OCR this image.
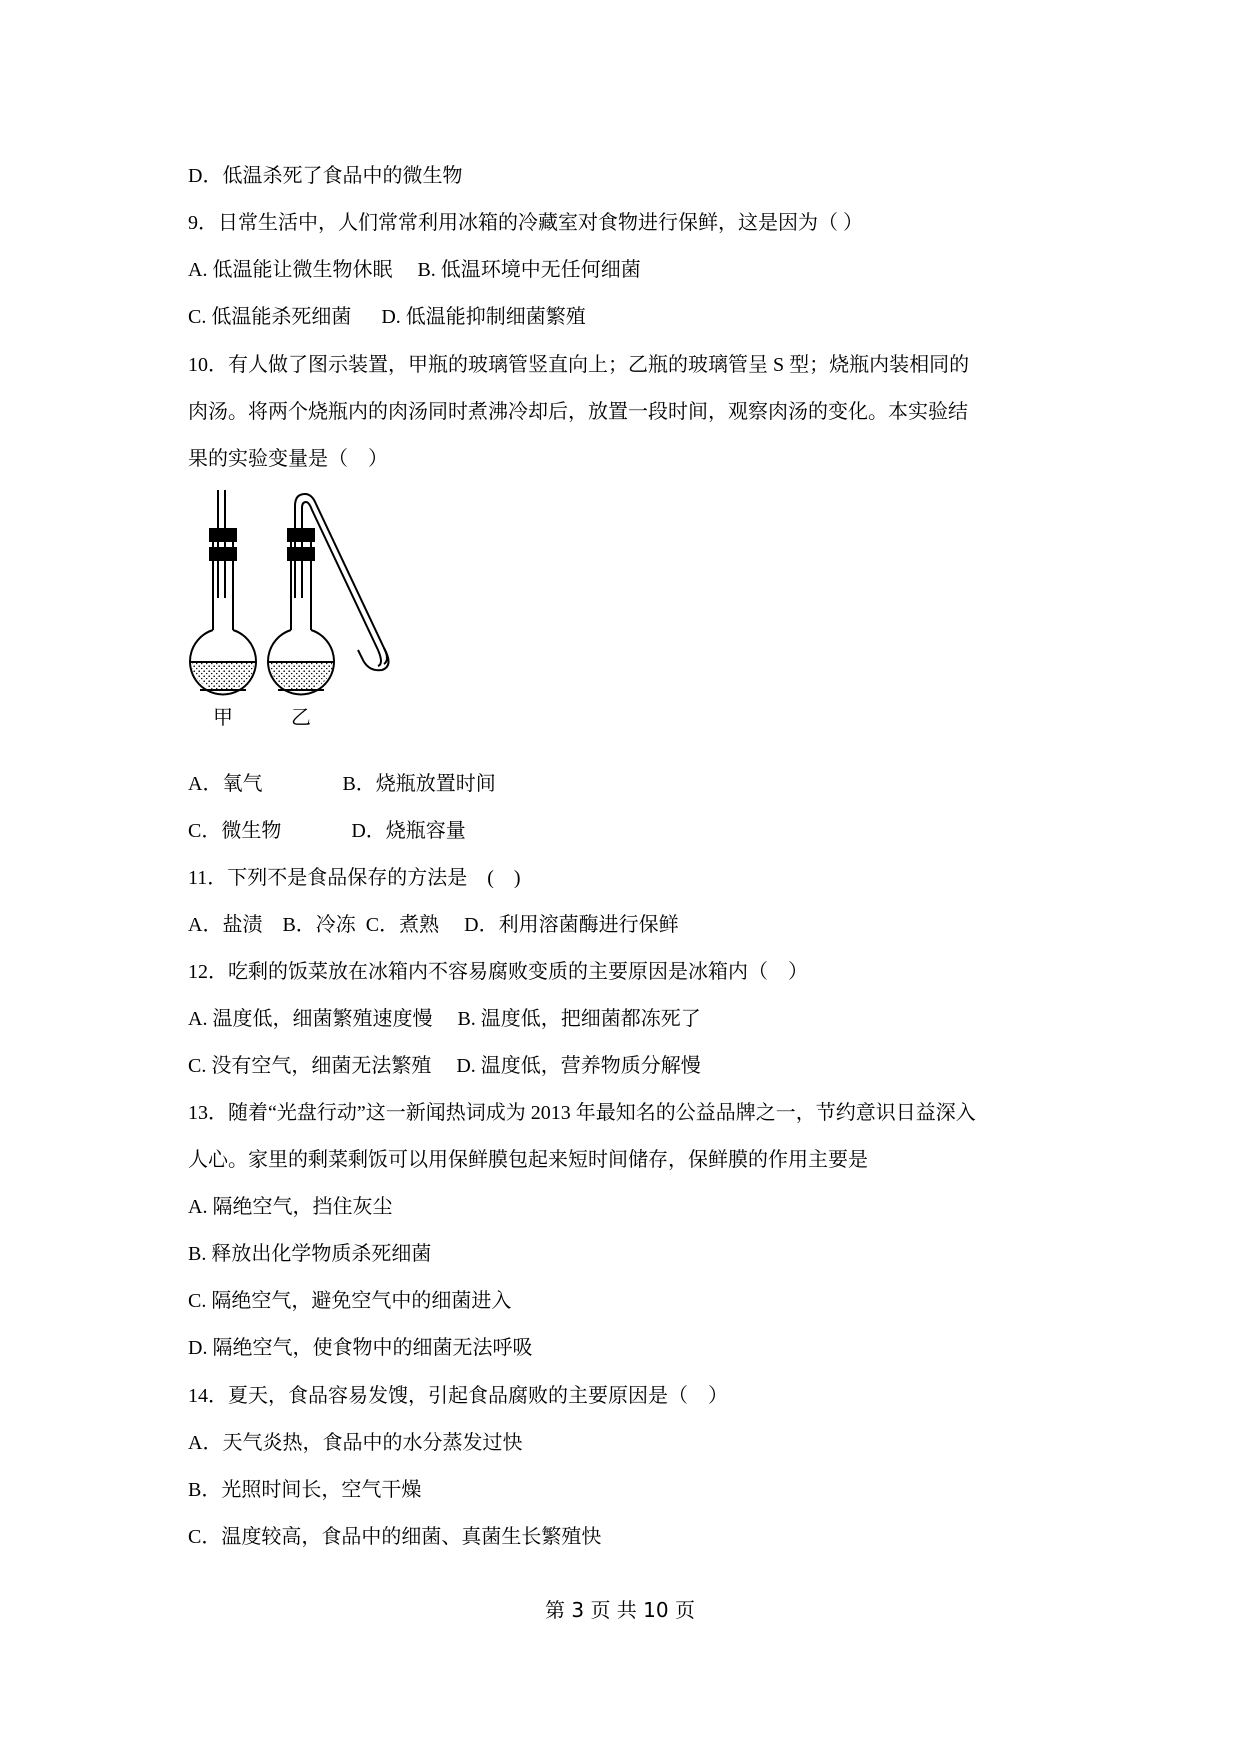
D．低温杀死了食品中的微生物
9．日常生活中，人们常常利用冰箱的冷藏室对食物进行保鲜，这是因为（ ）
A. 低温能让微生物休眠     B. 低温环境中无任何细菌
C. 低温能杀死细菌      D. 低温能抑制细菌繁殖
10．有人做了图示装置，甲瓶的玻璃管竖直向上；乙瓶的玻璃管呈 S 型；烧瓶内装相同的
肉汤。将两个烧瓶内的肉汤同时煮沸冷却后，放置一段时间，观察肉汤的变化。本实验结
果的实验变量是（    ）
甲	乙
A．氧气                B．烧瓶放置时间
C．微生物              D．烧瓶容量
11．下列不是食品保存的方法是    (    )
A．盐渍    B．冷冻  C．煮熟     D．利用溶菌酶进行保鲜
12．吃剩的饭菜放在冰箱内不容易腐败变质的主要原因是冰箱内（    ）
A. 温度低，细菌繁殖速度慢     B. 温度低，把细菌都冻死了
C. 没有空气，细菌无法繁殖     D. 温度低，营养物质分解慢
13．随着“光盘行动”这一新闻热词成为 2013 年最知名的公益品牌之一，节约意识日益深入
人心。家里的剩菜剩饭可以用保鲜膜包起来短时间储存，保鲜膜的作用主要是
A. 隔绝空气，挡住灰尘
B. 释放出化学物质杀死细菌
C. 隔绝空气，避免空气中的细菌进入
D. 隔绝空气，使食物中的细菌无法呼吸
14．夏天，食品容易发馊，引起食品腐败的主要原因是（    ）
A．天气炎热，食品中的水分蒸发过快
B．光照时间长，空气干燥
C．温度较高，食品中的细菌、真菌生长繁殖快
第 3 页 共 10 页
